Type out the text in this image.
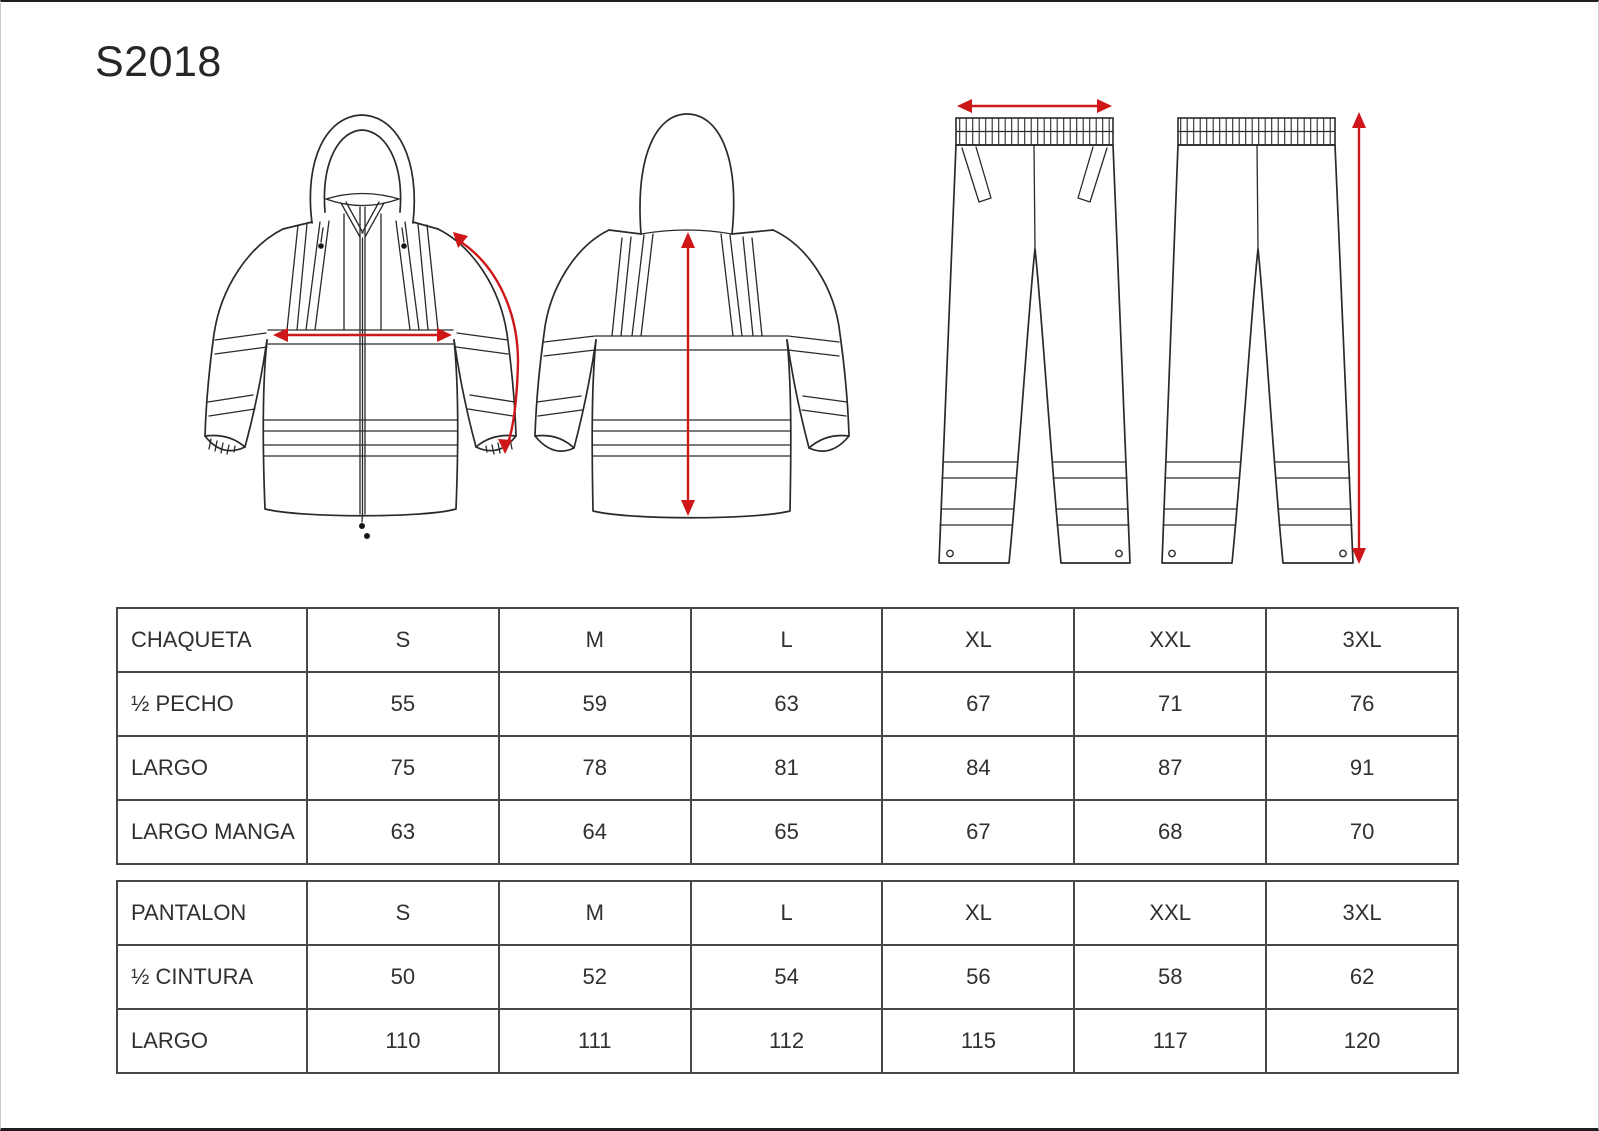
S2018
CHAQUETA	S	M	L	XL	XXL	3XL
½ PECHO	55	59	63	67	71	76
LARGO	75	78	81	84	87	91
LARGO MANGA	63	64	65	67	68	70
PANTALON	S	M	L	XL	XXL	3XL
½ CINTURA	50	52	54	56	58	62
LARGO	110	111	112	115	117	120
